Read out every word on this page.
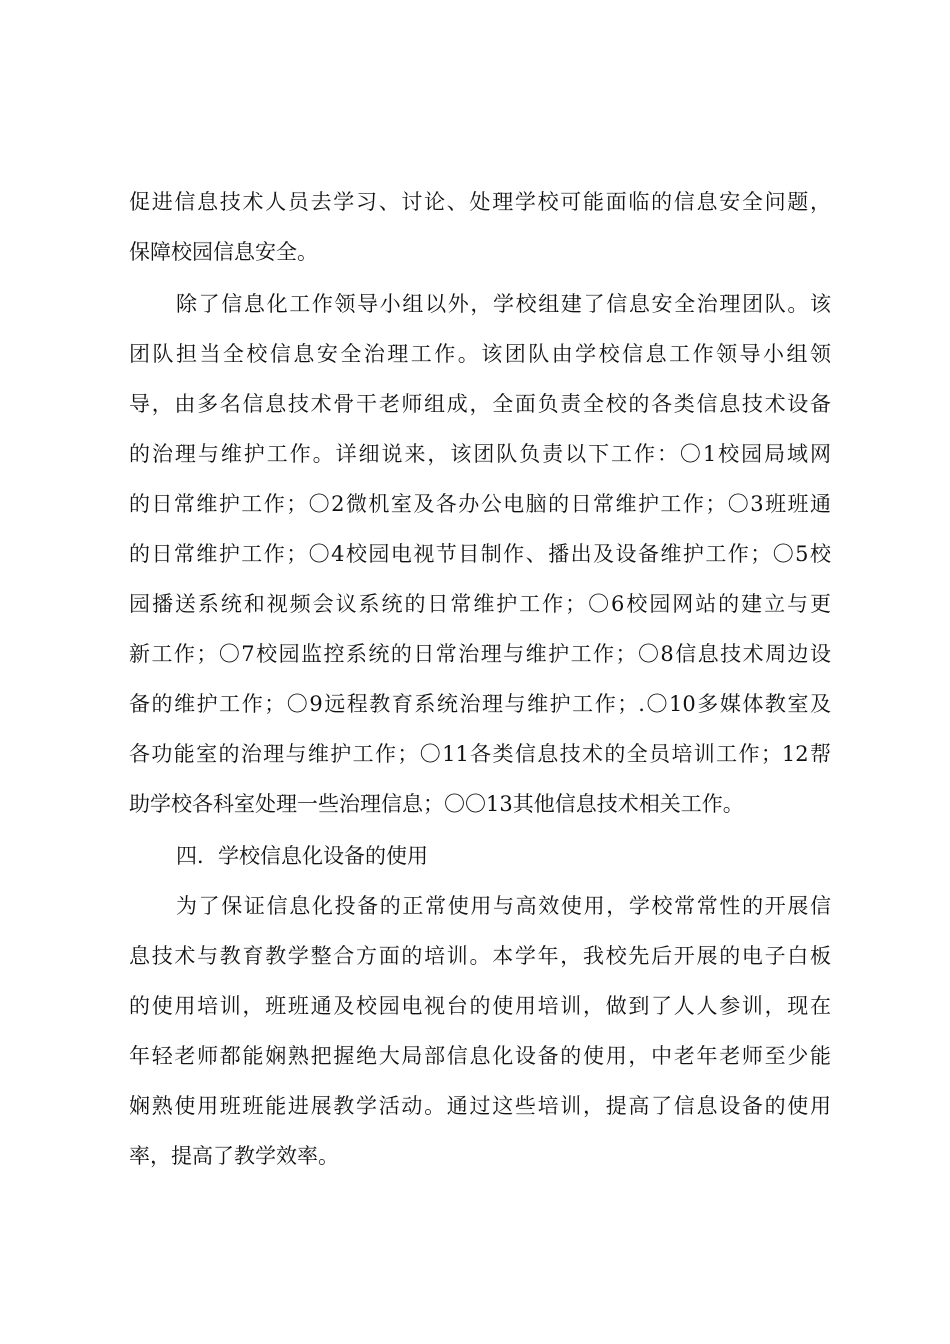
促进信息技术人员去学习、讨论、处理学校可能面临的信息安全问题，

保障校园信息安全。

除了信息化工作领导小组以外，学校组建了信息安全治理团队。该

团队担当全校信息安全治理工作。该团队由学校信息工作领导小组领

导，由多名信息技术骨干老师组成，全面负责全校的各类信息技术设备

的治理与维护工作。详细说来，该团队负责以下工作：〇1校园局域网

的日常维护工作；〇2微机室及各办公电脑的日常维护工作；〇3班班通

的日常维护工作；〇4校园电视节目制作、播出及设备维护工作；〇5校

园播送系统和视频会议系统的日常维护工作；〇6校园网站的建立与更

新工作；〇7校园监控系统的日常治理与维护工作；〇8信息技术周边设

备的维护工作；〇9远程教育系统治理与维护工作；.〇10多媒体教室及

各功能室的治理与维护工作；〇11各类信息技术的全员培训工作；12帮

助学校各科室处理一些治理信息；〇〇13其他信息技术相关工作。

四．学校信息化设备的使用

为了保证信息化投备的正常使用与高效使用，学校常常性的开展信

息技术与教育教学整合方面的培训。本学年，我校先后开展的电子白板

的使用培训，班班通及校园电视台的使用培训，做到了人人参训，现在

年轻老师都能娴熟把握绝大局部信息化设备的使用，中老年老师至少能

娴熟使用班班能进展教学活动。通过这些培训，提高了信息设备的使用

率，提高了教学效率。
